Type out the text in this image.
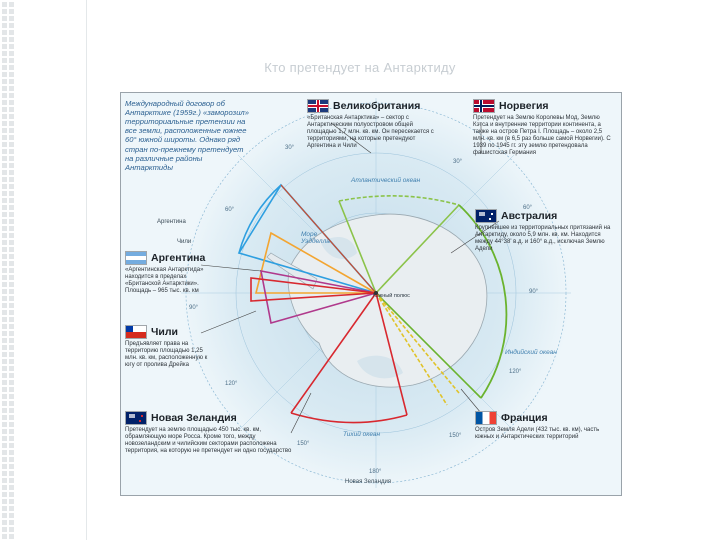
Кто претендует на Антарктиду
Международный договор об Антарктике (1959г.) «заморозил» территориальные претензии на все земли, расположенные южнее 60° южной широты. Однако ряд стран по-прежнему претендует на различные районы Антарктиды
Великобритания
«Британская Антарктика» – сектор с Антарктическим полуостровом общей площадью 1,7 млн. кв. км. Он пересекается с территориями, на которые претендуют Аргентина и Чили
Норвегия
Претендует на Землю Королевы Мод, Землю Кэтса и внутренние территории континента, а также на остров Петра I. Площадь – около 2,5 млн. кв. км (в 6,5 раз больше самой Норвегии). С 1939 по 1945 гг. эту землю претендовала фашистская Германия
Австралия
Крупнейшее из территориальных притязаний на Антарктиду, около 5,9 млн. кв. км. Находится между 44°38' в.д. и 160° в.д., исключая Землю Адели
Аргентина
«Аргентинская Антарктида» находится в пределах «Британской Антарктики». Площадь – 965 тыс. кв. км
Чили
Предъявляет права на территорию площадью 1,25 млн. кв. км, расположенную к югу от пролива Дрейка
Новая Зеландия
Претендует на землю площадью 450 тыс. кв. км, обрамляющую море Росса. Кроме того, между новозеландским и чилийским секторами расположена территория, на которую не претендует ни одно государство
Франция
Остров Земля Адели (432 тыс. кв. км), часть южных и Антарктических территорий
Атлантический океан
Море Уэдделла
Индийский океан
Тихий океан
Аргентина
Чили
Новая Зеландия
Южный полюс
30°
30°
60°	60°
90°
90°
120°
120°
150°
150°
180°
